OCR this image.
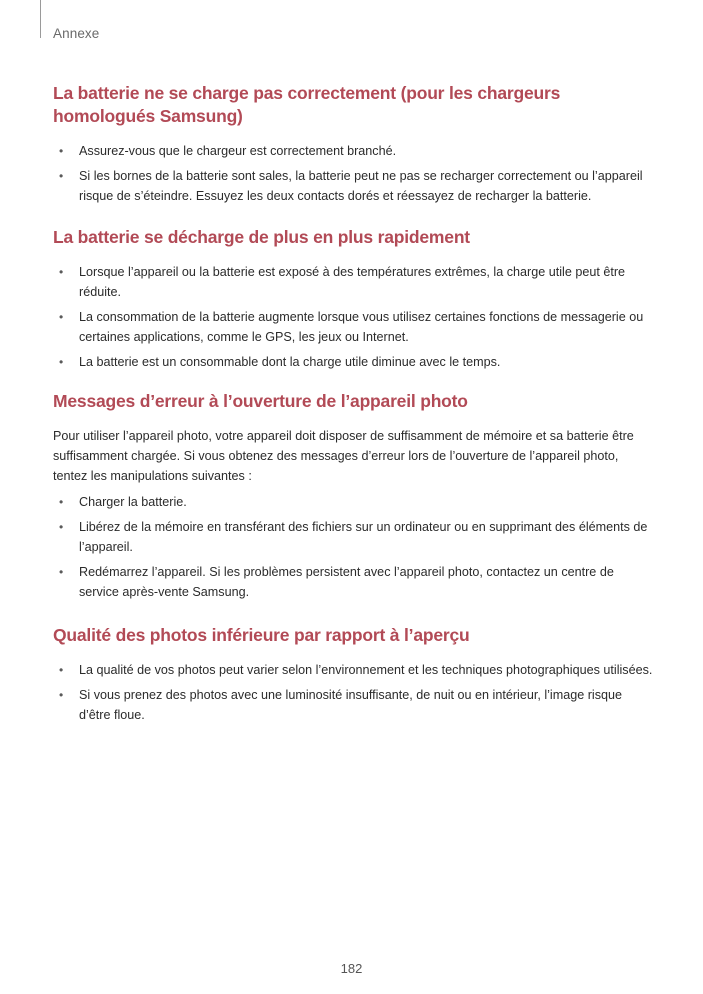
Annexe
La batterie ne se charge pas correctement (pour les chargeurs homologués Samsung)
• Assurez-vous que le chargeur est correctement branché.
• Si les bornes de la batterie sont sales, la batterie peut ne pas se recharger correctement ou l’appareil risque de s’éteindre. Essuyez les deux contacts dorés et réessayez de recharger la batterie.
La batterie se décharge de plus en plus rapidement
• Lorsque l’appareil ou la batterie est exposé à des températures extrêmes, la charge utile peut être réduite.
• La consommation de la batterie augmente lorsque vous utilisez certaines fonctions de messagerie ou certaines applications, comme le GPS, les jeux ou Internet.
• La batterie est un consommable dont la charge utile diminue avec le temps.
Messages d’erreur à l’ouverture de l’appareil photo

Pour utiliser l’appareil photo, votre appareil doit disposer de suffisamment de mémoire et sa batterie être suffisamment chargée. Si vous obtenez des messages d’erreur lors de l’ouverture de l’appareil photo, tentez les manipulations suivantes :

• Charger la batterie.
• Libérez de la mémoire en transférant des fichiers sur un ordinateur ou en supprimant des éléments de l’appareil.
• Redémarrez l’appareil. Si les problèmes persistent avec l’appareil photo, contactez un centre de service après-vente Samsung.
Qualité des photos inférieure par rapport à l’aperçu
• La qualité de vos photos peut varier selon l’environnement et les techniques photographiques utilisées.
• Si vous prenez des photos avec une luminosité insuffisante, de nuit ou en intérieur, l’image risque d’être floue.
182
